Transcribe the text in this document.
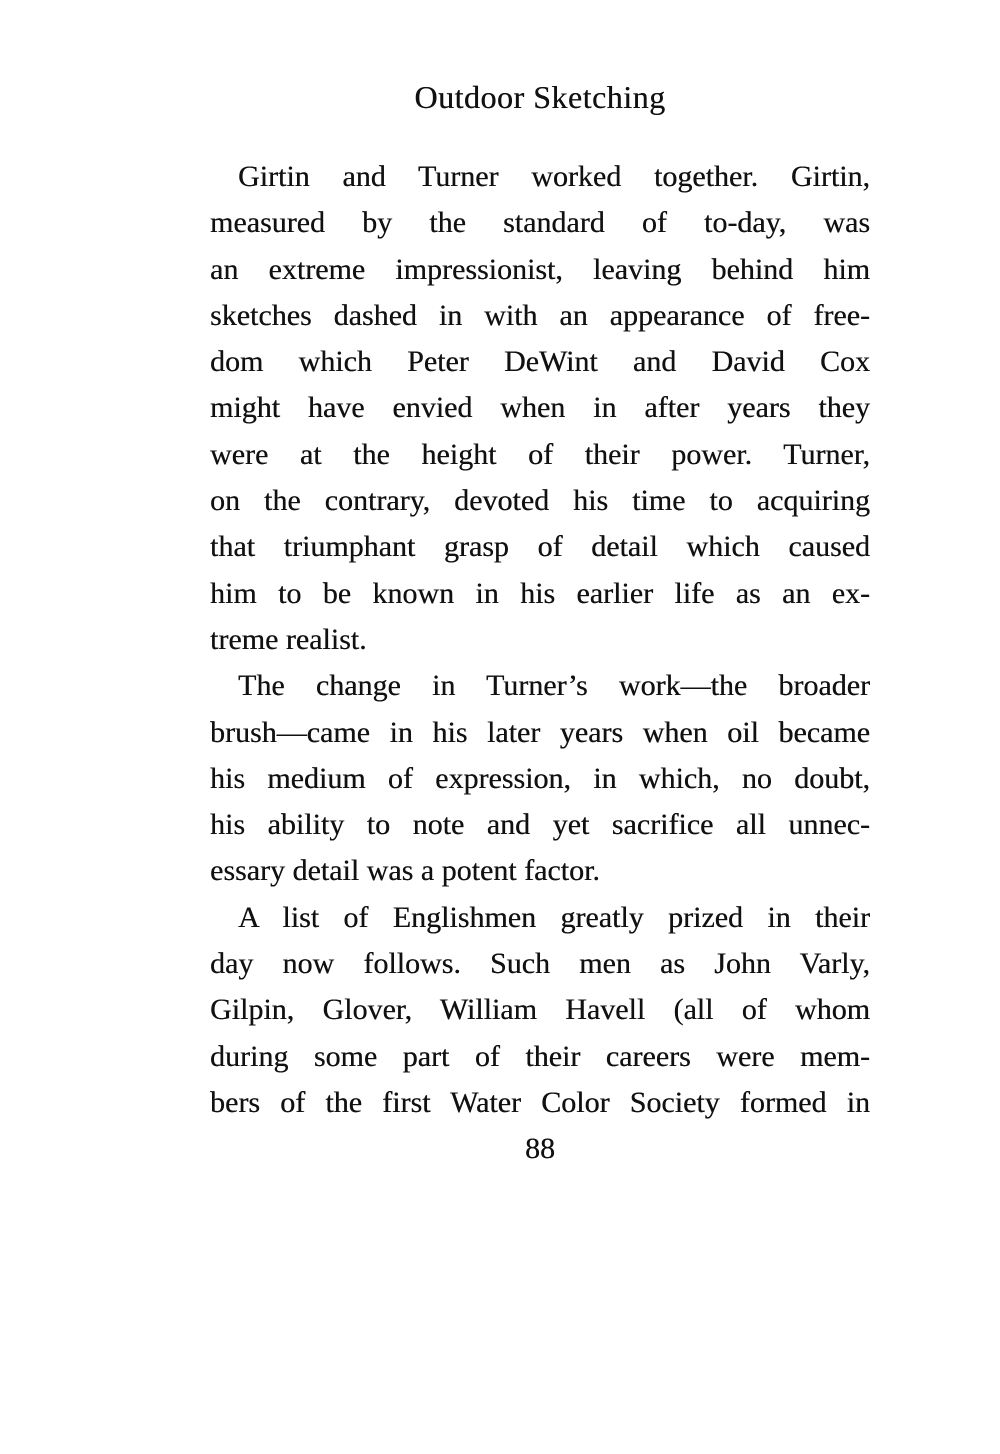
Outdoor Sketching
Girtin and Turner worked together. Girtin,
measured by the standard of to-day, was
an extreme impressionist, leaving behind him
sketches dashed in with an appearance of free-
dom which Peter DeWint and David Cox
might have envied when in after years they
were at the height of their power. Turner,
on the contrary, devoted his time to acquiring
that triumphant grasp of detail which caused
him to be known in his earlier life as an ex-
treme realist.
The change in Turner’s work—the broader
brush—came in his later years when oil became
his medium of expression, in which, no doubt,
his ability to note and yet sacrifice all unnec-
essary detail was a potent factor.
A list of Englishmen greatly prized in their
day now follows. Such men as John Varly,
Gilpin, Glover, William Havell (all of whom
during some part of their careers were mem-
bers of the first Water Color Society formed in
88
